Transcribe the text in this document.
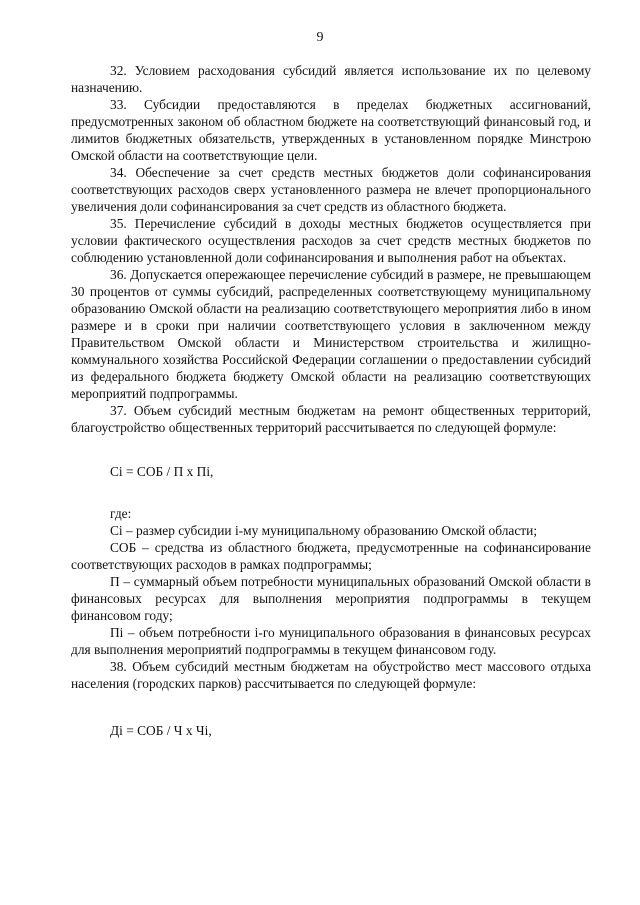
9

32. Условием расходования субсидий является использование их по целевому назначению.

33. Субсидии предоставляются в пределах бюджетных ассигнований, предусмотренных законом об областном бюджете на соответствующий финансовый год, и лимитов бюджетных обязательств, утвержденных в установленном порядке Минстрою Омской области на соответствующие цели.

34. Обеспечение за счет средств местных бюджетов доли софинансирования соответствующих расходов сверх установленного размера не влечет пропорционального увеличения доли софинансирования за счет средств из областного бюджета.

35. Перечисление субсидий в доходы местных бюджетов осуществляется при условии фактического осуществления расходов за счет средств местных бюджетов по соблюдению установленной доли софинансирования и выполнения работ на объектах.

36. Допускается опережающее перечисление субсидий в размере, не превышающем 30 процентов от суммы субсидий, распределенных соответствующему муниципальному образованию Омской области на реализацию соответствующего мероприятия либо в ином размере и в сроки при наличии соответствующего условия в заключенном между Правительством Омской области и Министерством строительства и жилищно-коммунального хозяйства Российской Федерации соглашении о предоставлении субсидий из федерального бюджета бюджету Омской области на реализацию соответствующих мероприятий подпрограммы.

37. Объем субсидий местным бюджетам на ремонт общественных территорий, благоустройство общественных территорий рассчитывается по следующей формуле:

Ci = СОБ / П x Пi,

где:

Ci – размер субсидии i-му муниципальному образованию Омской области;

СОБ – средства из областного бюджета, предусмотренные на софинансирование соответствующих расходов в рамках подпрограммы;

П – суммарный объем потребности муниципальных образований Омской области в финансовых ресурсах для выполнения мероприятия подпрограммы в текущем финансовом году;

Пi – объем потребности i-го муниципального образования в финансовых ресурсах для выполнения мероприятий подпрограммы в текущем финансовом году.

38. Объем субсидий местным бюджетам на обустройство мест массового отдыха населения (городских парков) рассчитывается по следующей формуле:

Дi = СОБ / Ч x Чi,
